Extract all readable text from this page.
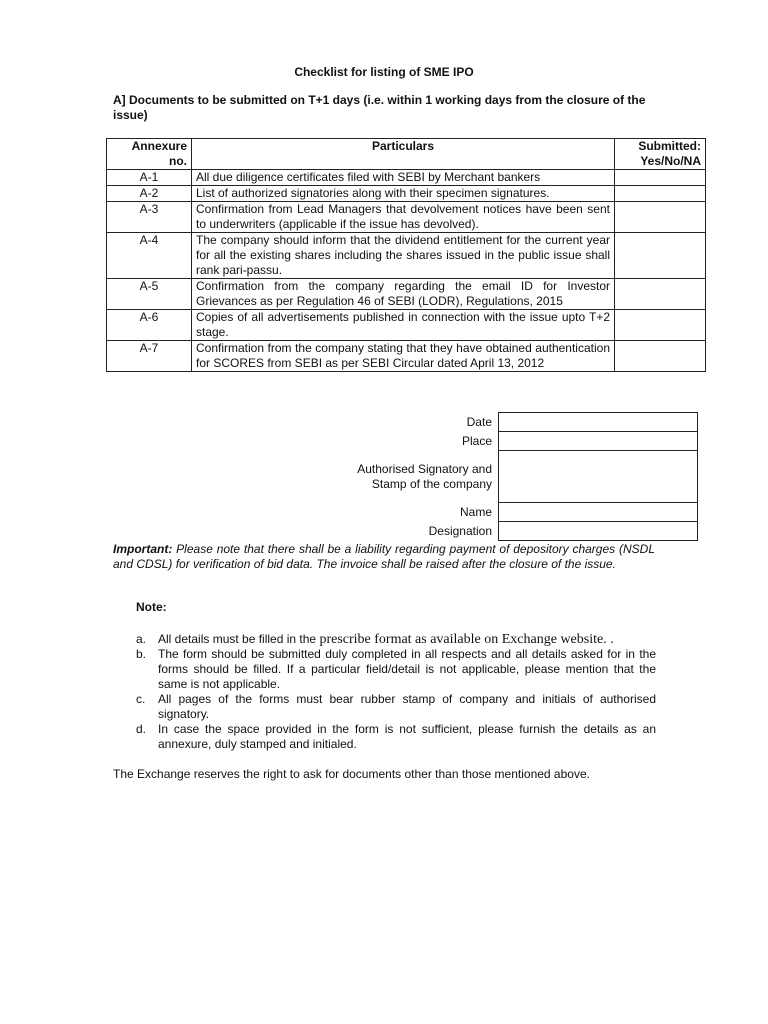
Checklist for listing of SME IPO
A] Documents to be submitted on T+1 days (i.e. within 1 working days from the closure of the issue)
Annexure no.	Particulars	Submitted: Yes/No/NA
A-1	All due diligence certificates filed with SEBI by Merchant bankers	
A-2	List of authorized signatories along with their specimen signatures.	
A-3	Confirmation from Lead Managers that devolvement notices have been sent to underwriters (applicable if the issue has devolved).	
A-4	The company should inform that the dividend entitlement for the current year for all the existing shares including the shares issued in the public issue shall rank pari-passu.	
A-5	Confirmation from the company regarding the email ID for Investor Grievances as per Regulation 46 of SEBI (LODR), Regulations, 2015	
A-6	Copies of all advertisements published in connection with the issue upto T+2 stage.	
A-7	Confirmation from the company stating that they have obtained authentication for SCORES from SEBI as per SEBI Circular dated April 13, 2012	
Date	
Place	

Authorised Signatory and
Stamp of the company	

Name	
Designation	
Important: Please note that there shall be a liability regarding payment of depository charges (NSDL and CDSL) for verification of bid data. The invoice shall be raised after the closure of the issue.
Note:
a. All details must be filled in the prescribe format as available on Exchange website. .
b. The form should be submitted duly completed in all respects and all details asked for in the forms should be filled. If a particular field/detail is not applicable, please mention that the same is not applicable.
c. All pages of the forms must bear rubber stamp of company and initials of authorised signatory.
d. In case the space provided in the form is not sufficient, please furnish the details as an annexure, duly stamped and initialed.
The Exchange reserves the right to ask for documents other than those mentioned above.
